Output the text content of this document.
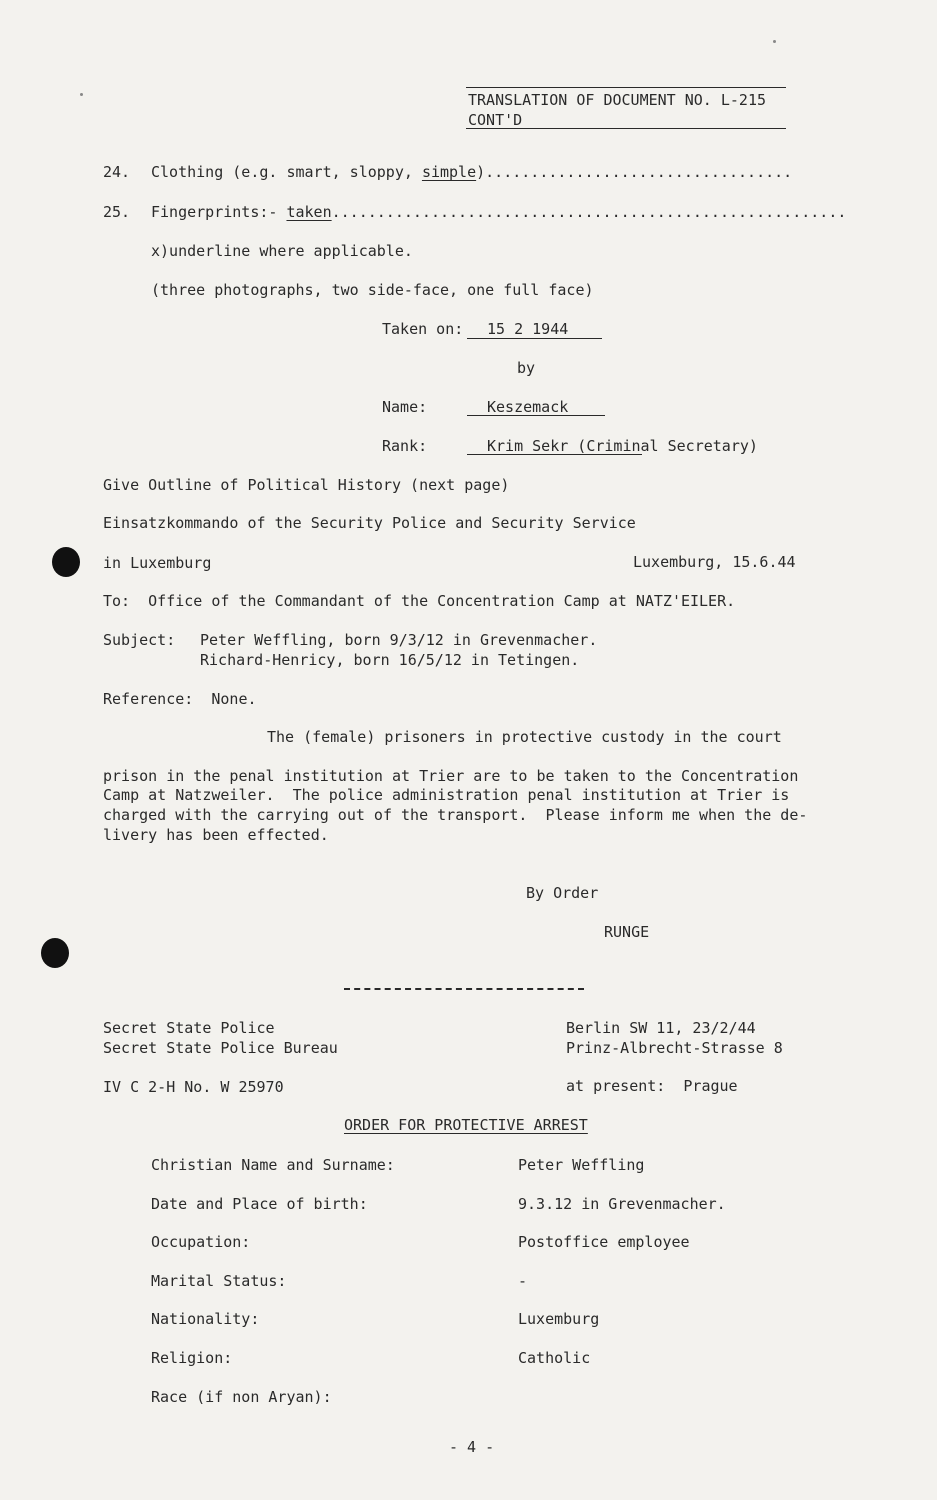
TRANSLATION OF DOCUMENT NO. L-215
CONT'D
24. Clothing (e.g. smart, sloppy, simple)..................................
25. Fingerprints:- taken.........................................................
x)underline where applicable.
(three photographs, two side-face, one full face)
Taken on: 15 2 1944
by
Name:	Keszemack
Rank:	Krim Sekr (Criminal Secretary)
Give Outline of Political History (next page)
Einsatzkommando of the Security Police and Security Service
in Luxemburg	Luxemburg, 15.6.44
To:  Office of the Commandant of the Concentration Camp at NATZ'EILER.
Subject: Peter Weffling, born 9/3/12 in Grevenmacher.
Richard-Henricy, born 16/5/12 in Tetingen.
Reference:  None.
The (female) prisoners in protective custody in the court
prison in the penal institution at Trier are to be taken to the Concentration
Camp at Natzweiler.  The police administration penal institution at Trier is
charged with the carrying out of the transport.  Please inform me when the de-
livery has been effected.
By Order
RUNGE
Secret State Police
Secret State Police Bureau
Berlin SW 11, 23/2/44
Prinz-Albrecht-Strasse 8
IV C 2-H No. W 25970	at present:  Prague
ORDER FOR PROTECTIVE ARREST
Christian Name and Surname:	Peter Weffling
Date and Place of birth:	9.3.12 in Grevenmacher.
Occupation:	Postoffice employee
Marital Status:	-
Nationality:	Luxemburg
Religion:	Catholic
Race (if non Aryan):
- 4 -
